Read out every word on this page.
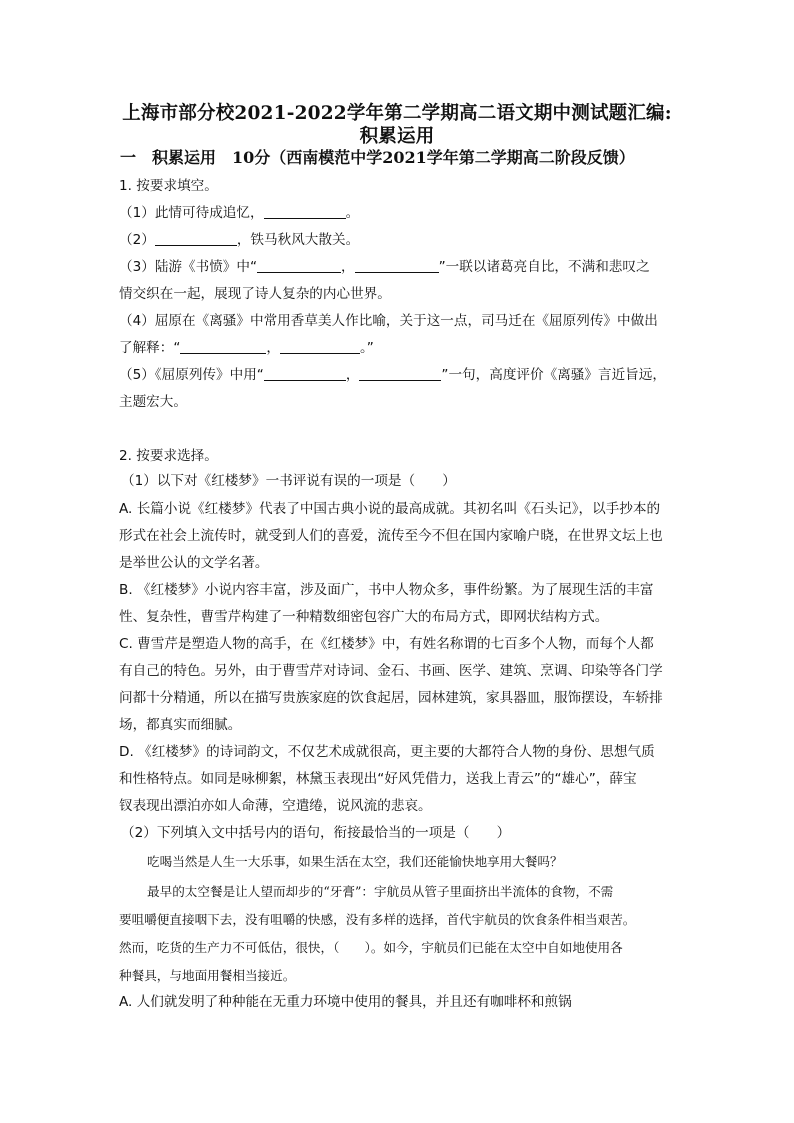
上海市部分校2021-2022学年第二学期高二语文期中测试题汇编:
积累运用
一　积累运用　10分（西南模范中学2021学年第二学期高二阶段反馈）
1. 按要求填空。
（1）此情可待成追忆，	。
（2）	，铁马秋风大散关。
（3）陆游《书愤》中“	，	”一联以诸葛亮自比，不满和悲叹之
情交织在一起，展现了诗人复杂的内心世界。
（4）屈原在《离骚》中常用香草美人作比喻，关于这一点，司马迁在《屈原列传》中做出
了解释：“	，	。”
（5）《屈原列传》中用“	，	”一句，高度评价《离骚》言近旨远，
主题宏大。
2. 按要求选择。
（1）以下对《红楼梦》一书评说有误的一项是（　　）
A. 长篇小说《红楼梦》代表了中国古典小说的最高成就。其初名叫《石头记》，以手抄本的
形式在社会上流传时，就受到人们的喜爱，流传至今不但在国内家喻户晓，在世界文坛上也
是举世公认的文学名著。
B. 《红楼梦》小说内容丰富，涉及面广，书中人物众多，事件纷繁。为了展现生活的丰富
性、复杂性，曹雪芹构建了一种精数细密包容广大的布局方式，即网状结构方式。
C. 曹雪芹是塑造人物的高手，在《红楼梦》中，有姓名称谓的七百多个人物，而每个人都
有自己的特色。另外，由于曹雪芹对诗词、金石、书画、医学、建筑、烹调、印染等各门学
问都十分精通，所以在描写贵族家庭的饮食起居，园林建筑，家具器皿，服饰摆设，车轿排
场，都真实而细腻。
D. 《红楼梦》的诗词韵文，不仅艺术成就很高，更主要的大都符合人物的身份、思想气质
和性格特点。如同是咏柳絮，林黛玉表现出“好风凭借力，送我上青云”的“雄心”，薛宝
钗表现出漂泊亦如人命薄，空遣绻，说风流的悲哀。
（2）下列填入文中括号内的语句，衔接最恰当的一项是（　　）
吃喝当然是人生一大乐事，如果生活在太空，我们还能愉快地享用大餐吗？
最早的太空餐是让人望而却步的“牙膏”：宇航员从管子里面挤出半流体的食物，不需
要咀嚼便直接咽下去，没有咀嚼的快感，没有多样的选择，首代宇航员的饮食条件相当艰苦。
然而，吃货的生产力不可低估，很快，（　　）。如今，宇航员们已能在太空中自如地使用各
种餐具，与地面用餐相当接近。
A. 人们就发明了种种能在无重力环境中使用的餐具，并且还有咖啡杯和煎锅
